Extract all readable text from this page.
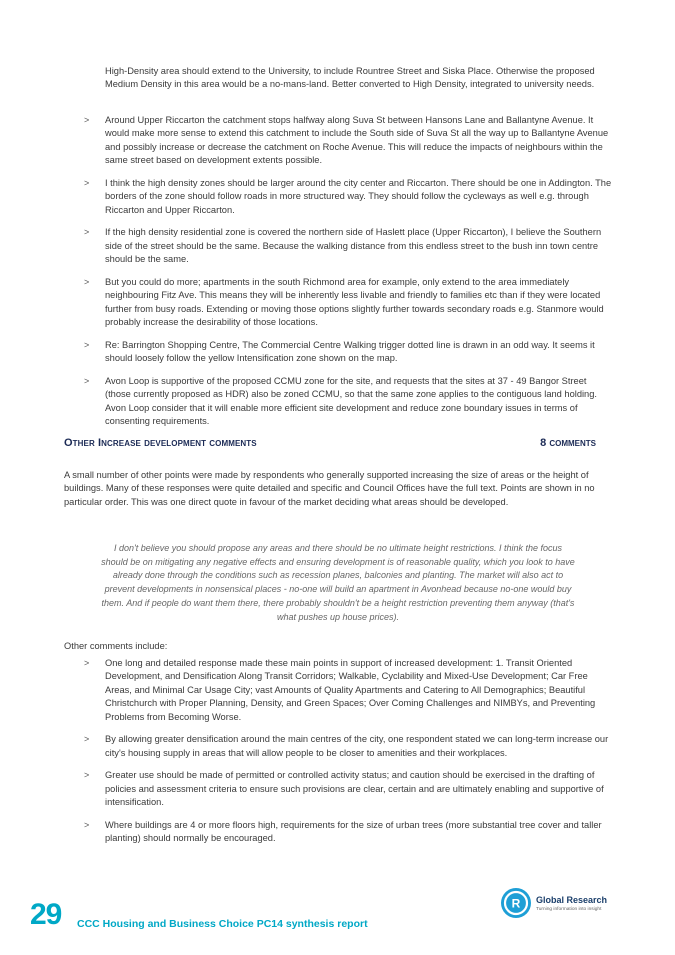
High-Density area should extend to the University, to include Rountree Street and Siska Place. Otherwise the proposed Medium Density in this area would be a no-mans-land. Better converted to High Density, integrated to university needs.

> Around Upper Riccarton the catchment stops halfway along Suva St between Hansons Lane and Ballantyne Avenue. It would make more sense to extend this catchment to include the South side of Suva St all the way up to Ballantyne Avenue and possibly increase or decrease the catchment on Roche Avenue. This will reduce the impacts of neighbours within the same street based on development extents possible.
> I think the high density zones should be larger around the city center and Riccarton. There should be one in Addington. The borders of the zone should follow roads in more structured way. They should follow the cycleways as well e.g. through Riccarton and Upper Riccarton.
> If the high density residential zone is covered the northern side of Haslett place (Upper Riccarton), I believe the Southern side of the street should be the same. Because the walking distance from this endless street to the bush inn town centre should be the same.
> But you could do more; apartments in the south Richmond area for example, only extend to the area immediately neighbouring Fitz Ave. This means they will be inherently less livable and friendly to families etc than if they were located further from busy roads. Extending or moving those options slightly further towards secondary roads e.g. Stanmore would probably increase the desirability of those locations.
> Re: Barrington Shopping Centre, The Commercial Centre Walking trigger dotted line is drawn in an odd way. It seems it should loosely follow the yellow Intensification zone shown on the map.
> Avon Loop is supportive of the proposed CCMU zone for the site, and requests that the sites at 37 - 49 Bangor Street (those currently proposed as HDR) also be zoned CCMU, so that the same zone applies to the contiguous land holding. Avon Loop consider that it will enable more efficient site development and reduce zone boundary issues in terms of consenting requirements.
Other Increase development comments	8 comments

A small number of other points were made by respondents who generally supported increasing the size of areas or the height of buildings. Many of these responses were quite detailed and specific and Council Offices have the full text. Points are shown in no particular order. This was one direct quote in favour of the market deciding what areas should be developed.

I don't believe you should propose any areas and there should be no ultimate height restrictions. I think the focus should be on mitigating any negative effects and ensuring development is of reasonable quality, which you look to have already done through the conditions such as recession planes, balconies and planting. The market will also act to prevent developments in nonsensical places - no-one will build an apartment in Avonhead because no-one would buy them. And if people do want them there, there probably shouldn't be a height restriction preventing them anyway (that's what pushes up house prices).

Other comments include:

> One long and detailed response made these main points in support of increased development: 1. Transit Oriented Development, and Densification Along Transit Corridors; Walkable, Cyclability and Mixed-Use Development; Car Free Areas, and Minimal Car Usage City; vast Amounts of Quality Apartments and Catering to All Demographics; Beautiful Christchurch with Proper Planning, Density, and Green Spaces; Over Coming Challenges and NIMBYs, and Preventing Problems from Becoming Worse.
> By allowing greater densification around the main centres of the city, one respondent stated we can long-term increase our city's housing supply in areas that will allow people to be closer to amenities and their workplaces.
> Greater use should be made of permitted or controlled activity status; and caution should be exercised in the drafting of policies and assessment criteria to ensure such provisions are clear, certain and are ultimately enabling and supportive of intensification.
> Where buildings are 4 or more floors high, requirements for the size of urban trees (more substantial tree cover and taller planting) should normally be encouraged.
29 CCC Housing and Business Choice PC14 synthesis report
R Global Research
Turning information into insight
